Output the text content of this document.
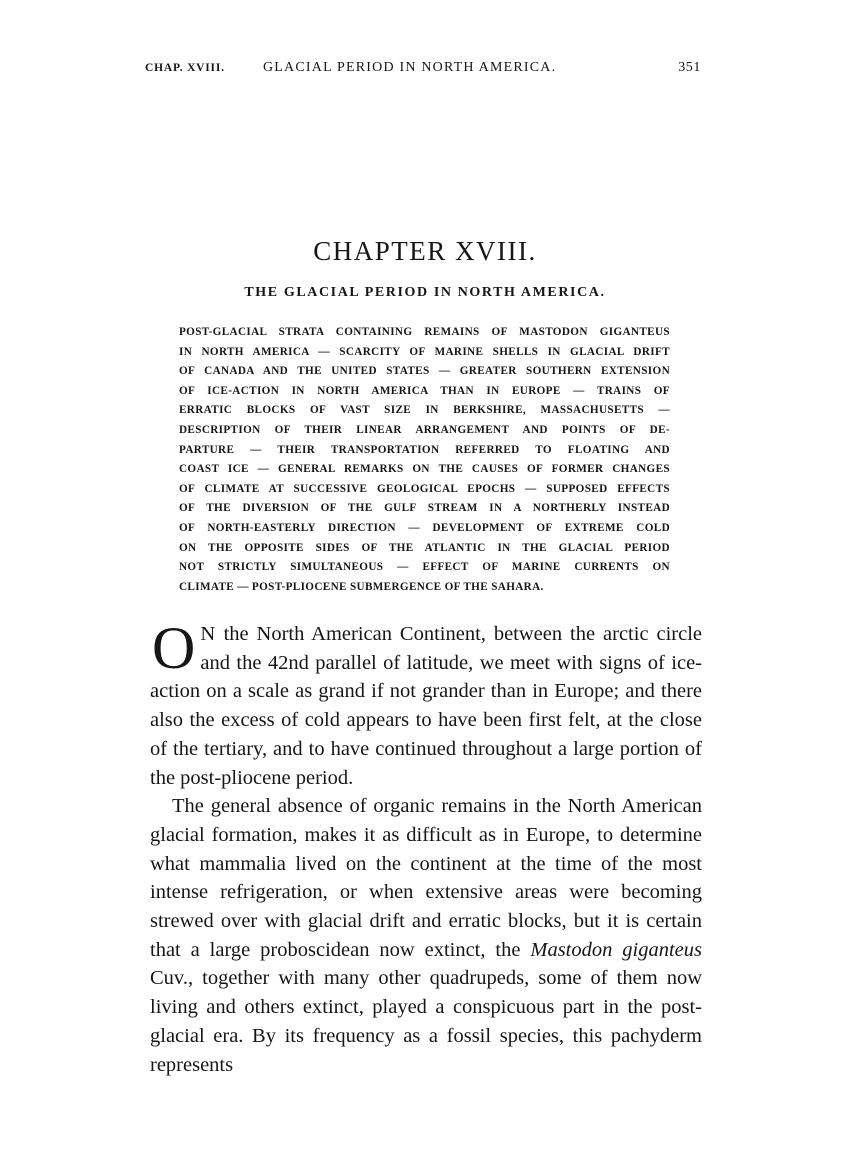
CHAP. XVIII.	GLACIAL PERIOD IN NORTH AMERICA.	351
CHAPTER XVIII.
THE GLACIAL PERIOD IN NORTH AMERICA.
POST-GLACIAL STRATA CONTAINING REMAINS OF MASTODON GIGANTEUS
IN NORTH AMERICA — SCARCITY OF MARINE SHELLS IN GLACIAL DRIFT
OF CANADA AND THE UNITED STATES — GREATER SOUTHERN EXTENSION
OF ICE-ACTION IN NORTH AMERICA THAN IN EUROPE — TRAINS OF
ERRATIC BLOCKS OF VAST SIZE IN BERKSHIRE, MASSACHUSETTS —
DESCRIPTION OF THEIR LINEAR ARRANGEMENT AND POINTS OF DE-
PARTURE — THEIR TRANSPORTATION REFERRED TO FLOATING AND
COAST ICE — GENERAL REMARKS ON THE CAUSES OF FORMER CHANGES
OF CLIMATE AT SUCCESSIVE GEOLOGICAL EPOCHS — SUPPOSED EFFECTS
OF THE DIVERSION OF THE GULF STREAM IN A NORTHERLY INSTEAD
OF NORTH-EASTERLY DIRECTION — DEVELOPMENT OF EXTREME COLD
ON THE OPPOSITE SIDES OF THE ATLANTIC IN THE GLACIAL PERIOD
NOT STRICTLY SIMULTANEOUS — EFFECT OF MARINE CURRENTS ON
CLIMATE — POST-PLIOCENE SUBMERGENCE OF THE SAHARA.

O N the North American Continent, between the arctic circle and the 42nd parallel of latitude, we meet with signs of ice-action on a scale as grand if not grander than in Europe; and there also the excess of cold appears to have been first felt, at the close of the tertiary, and to have continued throughout a large portion of the post-pliocene period.

The general absence of organic remains in the North American glacial formation, makes it as difficult as in Europe, to determine what mammalia lived on the continent at the time of the most intense refrigeration, or when extensive areas were becoming strewed over with glacial drift and erratic blocks, but it is certain that a large proboscidean now extinct, the Mastodon giganteus Cuv., together with many other quadrupeds, some of them now living and others extinct, played a conspicuous part in the post-glacial era. By its frequency as a fossil species, this pachyderm represents
